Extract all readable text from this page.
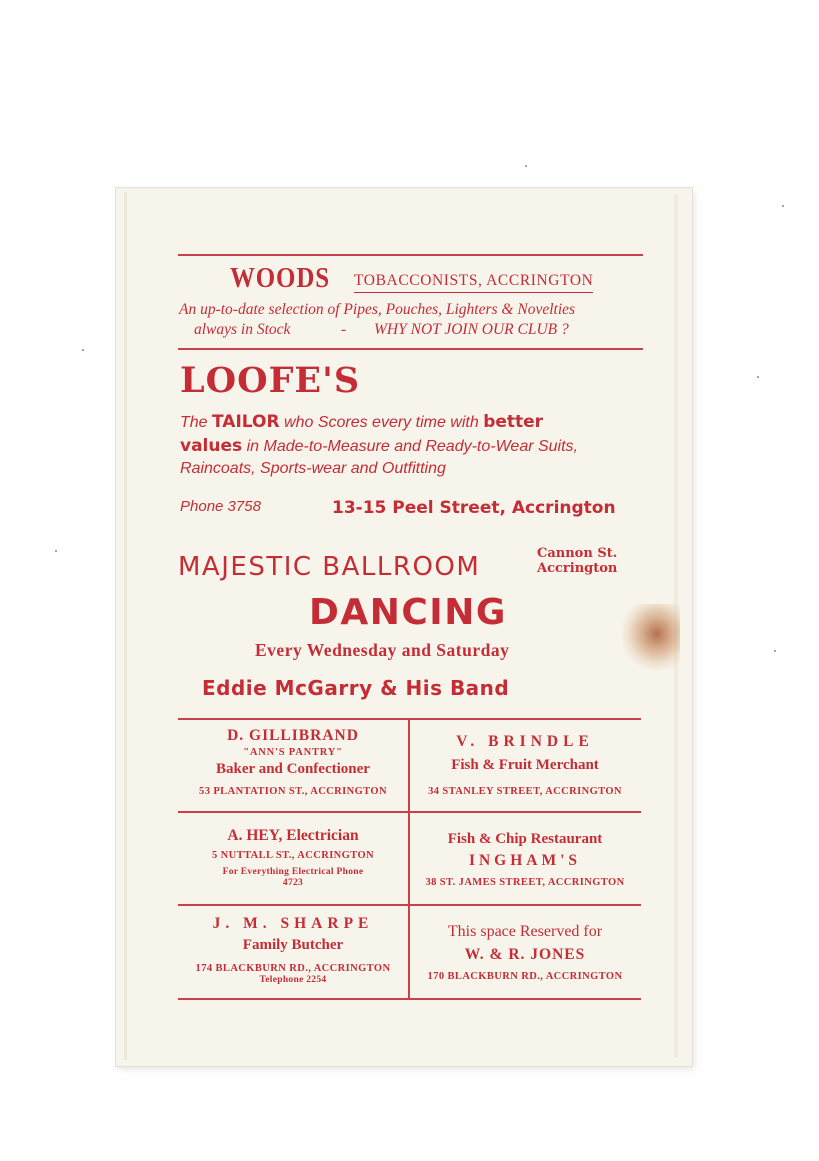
WOODS TOBACCONISTS, ACCRINGTON
An up-to-date selection of Pipes, Pouches, Lighters & Novelties
always in Stock	- WHY NOT JOIN OUR CLUB ?
LOOFE'S
The TAILOR who Scores every time with better
values in Made-to-Measure and Ready-to-Wear Suits,
Raincoats, Sports-wear and Outfitting
Phone 3758	13-15 Peel Street, Accrington
MAJESTIC BALLROOM	Cannon St.
Accrington
DANCING
Every Wednesday and Saturday
Eddie McGarry & His Band
D. GILLIBRAND
"ANN'S PANTRY"
Baker and Confectioner
53 PLANTATION ST., ACCRINGTON
V. BRINDLE
Fish & Fruit Merchant
34 STANLEY STREET, ACCRINGTON
A. HEY, Electrician
5 NUTTALL ST., ACCRINGTON
For Everything Electrical Phone
4723
Fish & Chip Restaurant
INGHAM'S
38 ST. JAMES STREET, ACCRINGTON
J. M. SHARPE
Family Butcher
174 BLACKBURN RD., ACCRINGTON
Telephone 2254
This space Reserved for
W. & R. JONES
170 BLACKBURN RD., ACCRINGTON
